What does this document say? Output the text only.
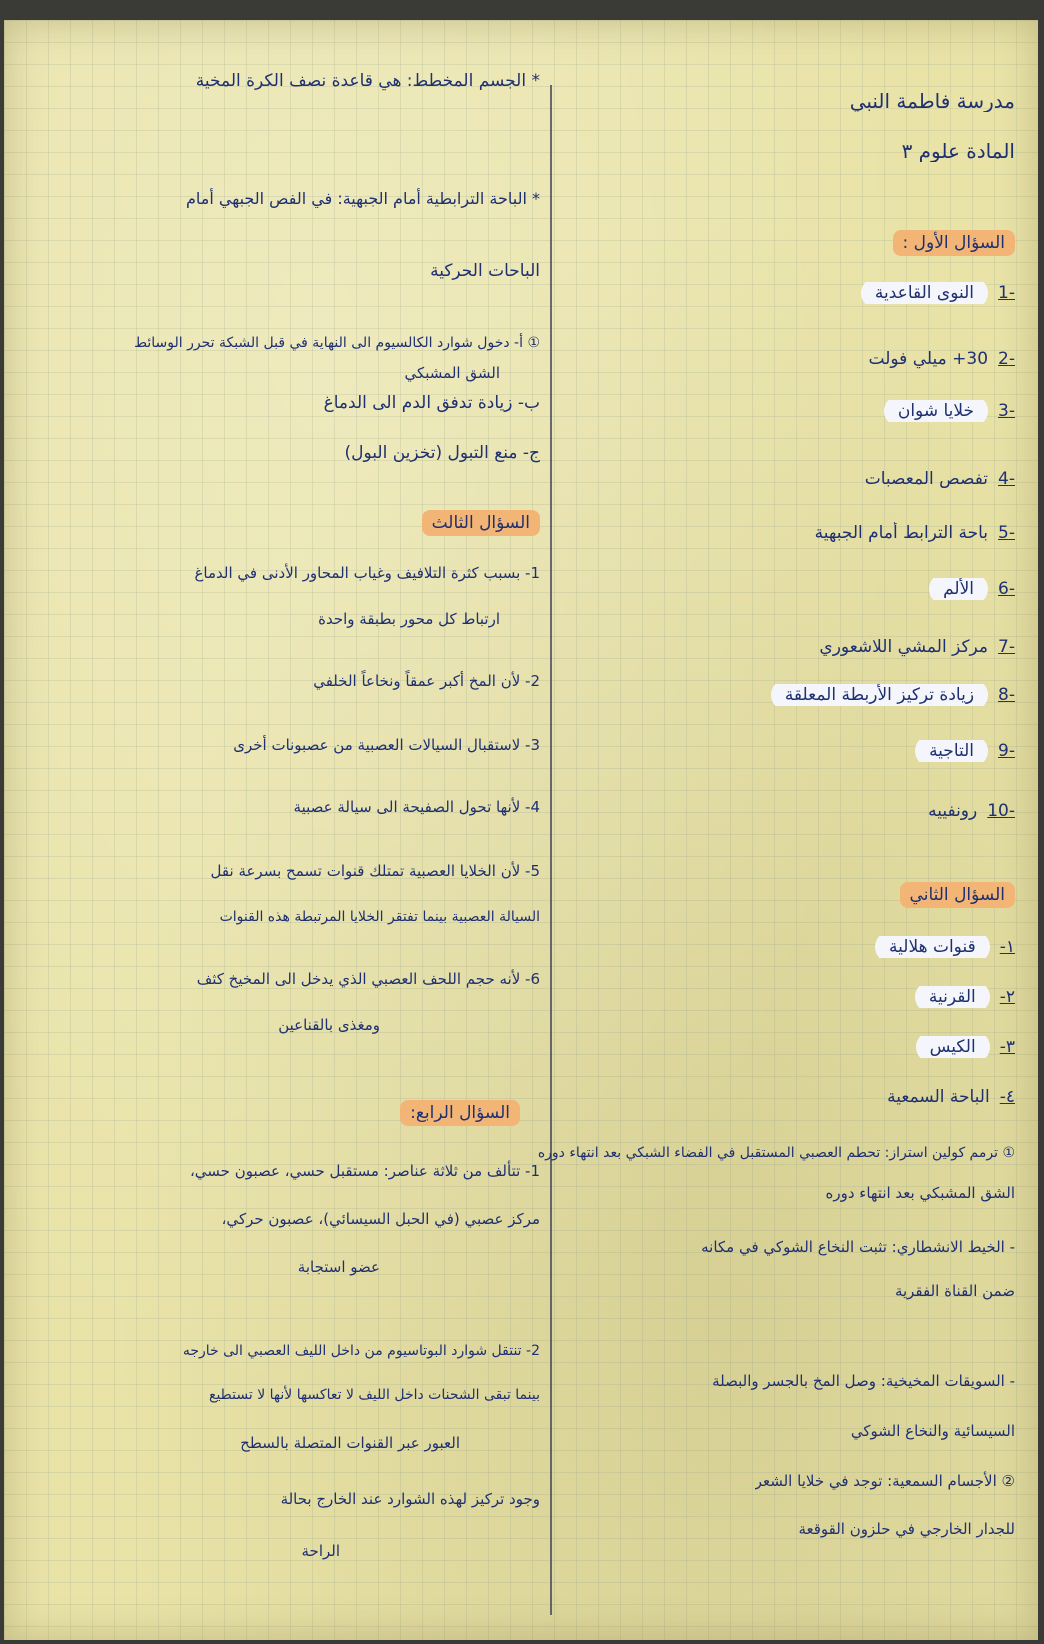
مدرسة فاطمة النبي
المادة علوم ٣
السؤال الأول :
-1النوى القاعدية
-230+ ميلي فولت
-3خلايا شوان
-4تفصص المعصبات
-5باحة الترابط أمام الجبهية
-6الألم
-7مركز المشي اللاشعوري
-8زيادة تركيز الأربطة المعلقة
-9التاجية
-10رونفييه
السؤال الثاني
١-قنوات هلالية
٢-القرنية
٣-الكيس
٤-الباحة السمعية
① ترمم كولين استراز: تحطم العصبي المستقبل في الفضاء الشبكي بعد انتهاء دوره
الشق المشبكي بعد انتهاء دوره
- الخيط الانشطاري: تثبت النخاع الشوكي في مكانه
ضمن القناة الفقرية
- السويقات المخيخية: وصل المخ بالجسر والبصلة
السيسائية والنخاع الشوكي
② الأجسام السمعية: توجد في خلايا الشعر
للجدار الخارجي في حلزون القوقعة
* الجسم المخطط: هي قاعدة نصف الكرة المخية
* الباحة الترابطية أمام الجبهية: في الفص الجبهي أمام
الباحات الحركية
① أ- دخول شوارد الكالسيوم الى النهاية في قبل الشبكة تحرر الوسائط
الشق المشبكي
ب- زيادة تدفق الدم الى الدماغ
ج- منع التبول (تخزين البول)
السؤال الثالث
1- بسبب كثرة التلافيف وغياب المحاور الأدنى في الدماغ
ارتباط كل محور بطبقة واحدة
2- لأن المخ أكبر عمقاً ونخاعاً الخلفي
3- لاستقبال السيالات العصبية من عصبونات أخرى
4- لأنها تحول الصفيحة الى سيالة عصبية
5- لأن الخلايا العصبية تمتلك قنوات تسمح بسرعة نقل
السيالة العصبية بينما تفتقر الخلايا المرتبطة هذه القنوات
6- لأنه حجم اللحف العصبي الذي يدخل الى المخيخ كثف
ومغذى بالقناعين
السؤال الرابع:
1- تتألف من ثلاثة عناصر: مستقبل حسي، عصبون حسي،
مركز عصبي (في الحبل السيسائي)، عصبون حركي،
عضو استجابة
2- تنتقل شوارد البوتاسيوم من داخل الليف العصبي الى خارجه
بينما تبقى الشحنات داخل الليف لا تعاكسها لأنها لا تستطيع
العبور عبر القنوات المتصلة بالسطح
وجود تركيز لهذه الشوارد عند الخارج بحالة
الراحة
